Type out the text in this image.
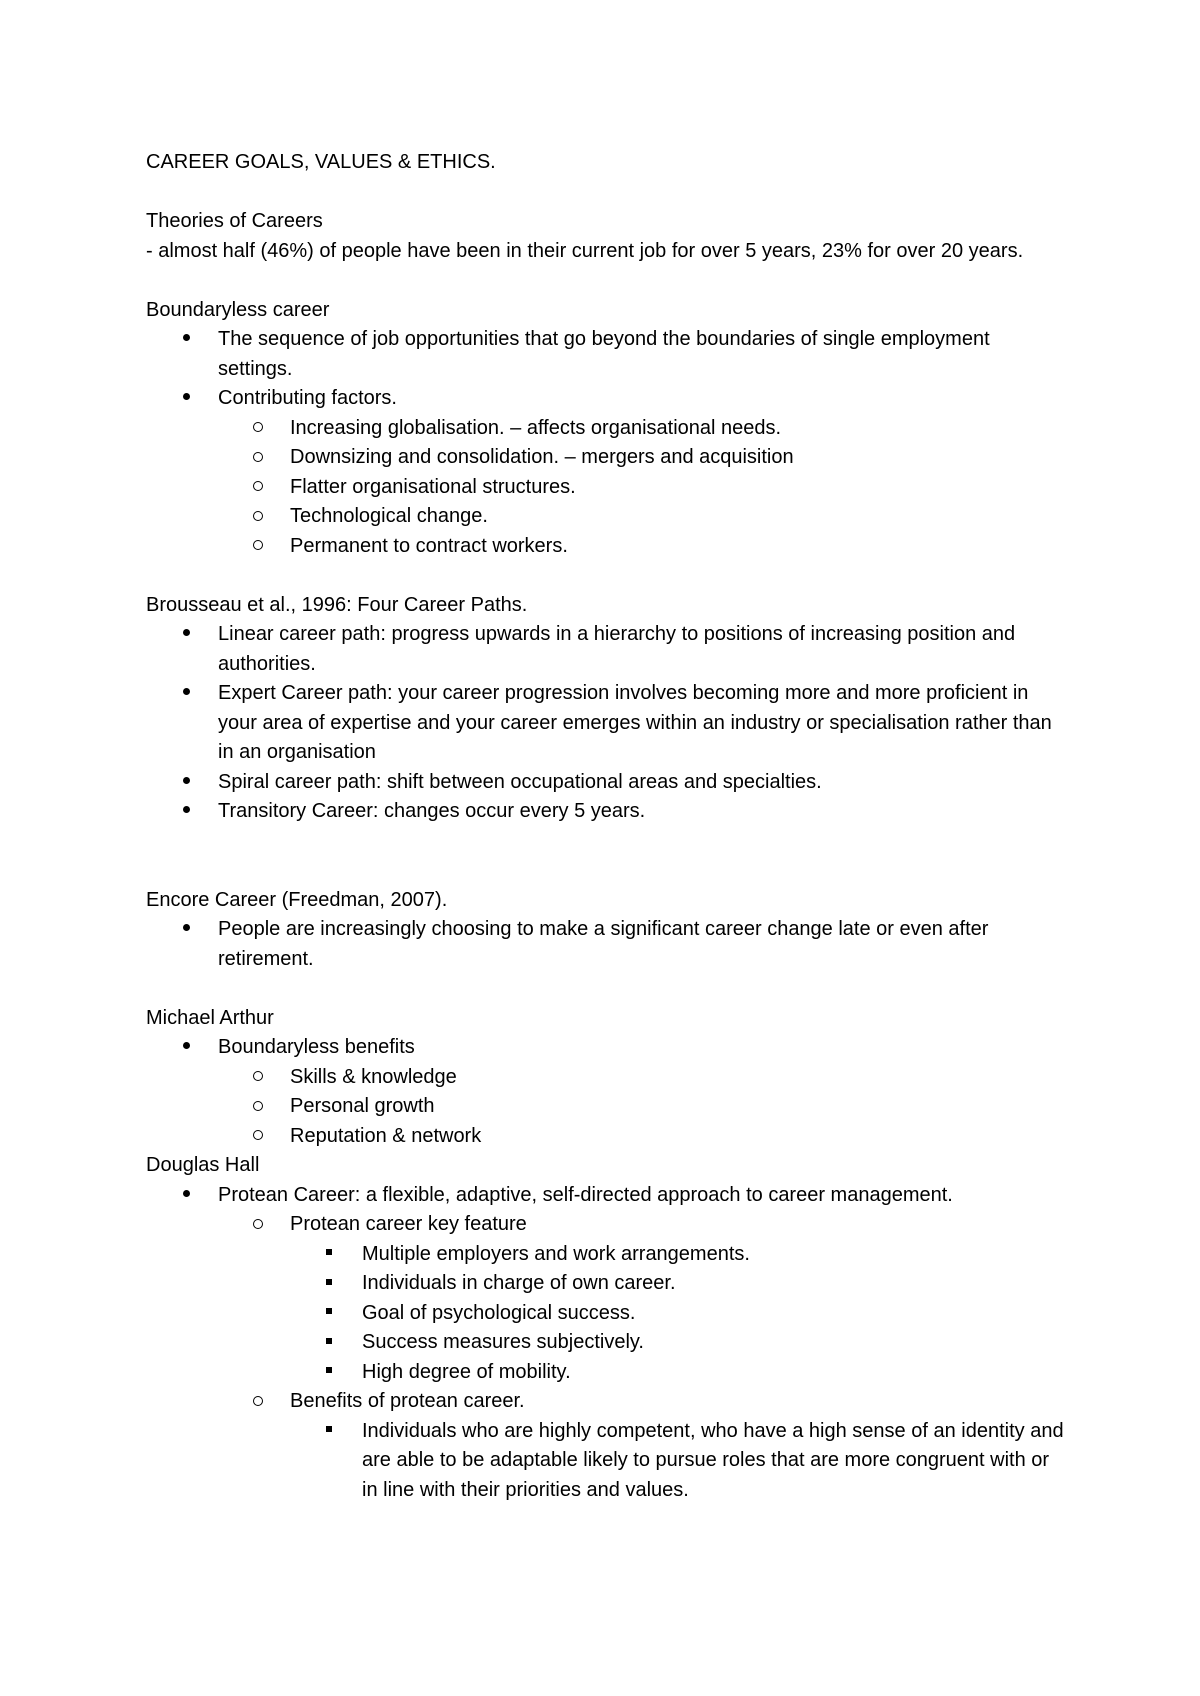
CAREER GOALS, VALUES & ETHICS.

Theories of Careers

- almost half (46%) of people have been in their current job for over 5 years, 23% for over 20 years.

Boundaryless career

The sequence of job opportunities that go beyond the boundaries of single employment settings.
Contributing factors.
Increasing globalisation. – affects organisational needs.
Downsizing and consolidation. – mergers and acquisition
Flatter organisational structures.
Technological change.
Permanent to contract workers.

Brousseau et al., 1996: Four Career Paths.

Linear career path: progress upwards in a hierarchy to positions of increasing position and authorities.
Expert Career path: your career progression involves becoming more and more proficient in your area of expertise and your career emerges within an industry or specialisation rather than in an organisation
Spiral career path: shift between occupational areas and specialties.
Transitory Career: changes occur every 5 years.

Encore Career (Freedman, 2007).

People are increasingly choosing to make a significant career change late or even after retirement.

Michael Arthur

Boundaryless benefits
Skills & knowledge
Personal growth
Reputation & network

Douglas Hall

Protean Career: a flexible, adaptive, self-directed approach to career management.
Protean career key feature
Multiple employers and work arrangements.
Individuals in charge of own career.
Goal of psychological success.
Success measures subjectively.
High degree of mobility.
Benefits of protean career.
Individuals who are highly competent, who have a high sense of an identity and are able to be adaptable likely to pursue roles that are more congruent with or in line with their priorities and values.
